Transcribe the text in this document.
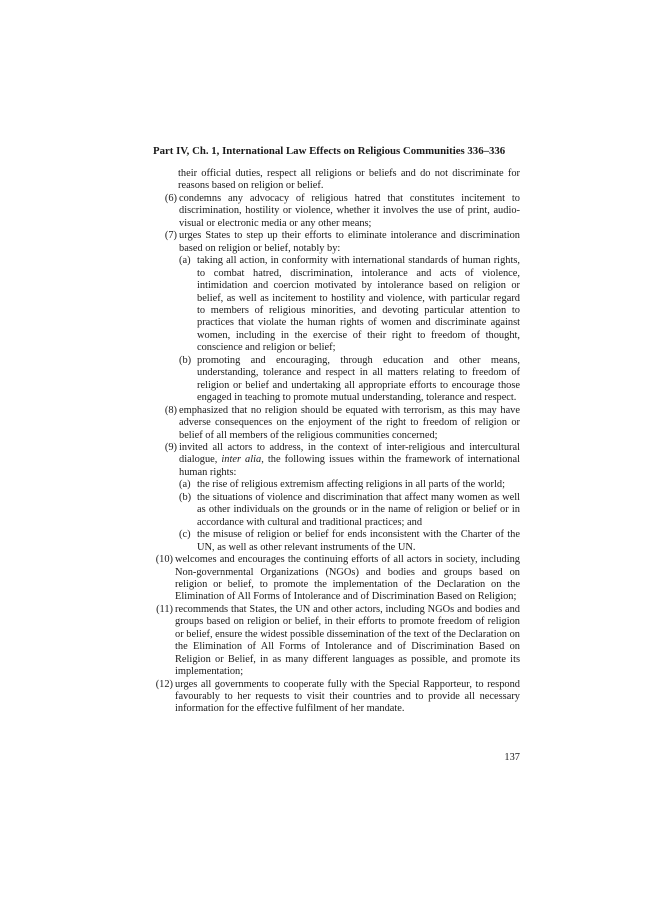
Part IV, Ch. 1, International Law Effects on Religious Communities 336–336
their official duties, respect all religions or beliefs and do not discriminate for reasons based on religion or belief.
(6) condemns any advocacy of religious hatred that constitutes incitement to discrimination, hostility or violence, whether it involves the use of print, audio-visual or electronic media or any other means;
(7) urges States to step up their efforts to eliminate intolerance and discrimination based on religion or belief, notably by:
(a) taking all action, in conformity with international standards of human rights, to combat hatred, discrimination, intolerance and acts of violence, intimidation and coercion motivated by intolerance based on religion or belief, as well as incitement to hostility and violence, with particular regard to members of religious minorities, and devoting particular attention to practices that violate the human rights of women and discriminate against women, including in the exercise of their right to freedom of thought, conscience and religion or belief;
(b) promoting and encouraging, through education and other means, understanding, tolerance and respect in all matters relating to freedom of religion or belief and undertaking all appropriate efforts to encourage those engaged in teaching to promote mutual understanding, tolerance and respect.
(8) emphasized that no religion should be equated with terrorism, as this may have adverse consequences on the enjoyment of the right to freedom of religion or belief of all members of the religious communities concerned;
(9) invited all actors to address, in the context of inter-religious and intercultural dialogue, inter alia, the following issues within the framework of international human rights:
(a) the rise of religious extremism affecting religions in all parts of the world;
(b) the situations of violence and discrimination that affect many women as well as other individuals on the grounds or in the name of religion or belief or in accordance with cultural and traditional practices; and
(c) the misuse of religion or belief for ends inconsistent with the Charter of the UN, as well as other relevant instruments of the UN.
(10) welcomes and encourages the continuing efforts of all actors in society, including Non-governmental Organizations (NGOs) and bodies and groups based on religion or belief, to promote the implementation of the Declaration on the Elimination of All Forms of Intolerance and of Discrimination Based on Religion;
(11) recommends that States, the UN and other actors, including NGOs and bodies and groups based on religion or belief, in their efforts to promote freedom of religion or belief, ensure the widest possible dissemination of the text of the Declaration on the Elimination of All Forms of Intolerance and of Discrimination Based on Religion or Belief, in as many different languages as possible, and promote its implementation;
(12) urges all governments to cooperate fully with the Special Rapporteur, to respond favourably to her requests to visit their countries and to provide all necessary information for the effective fulfilment of her mandate.
137
